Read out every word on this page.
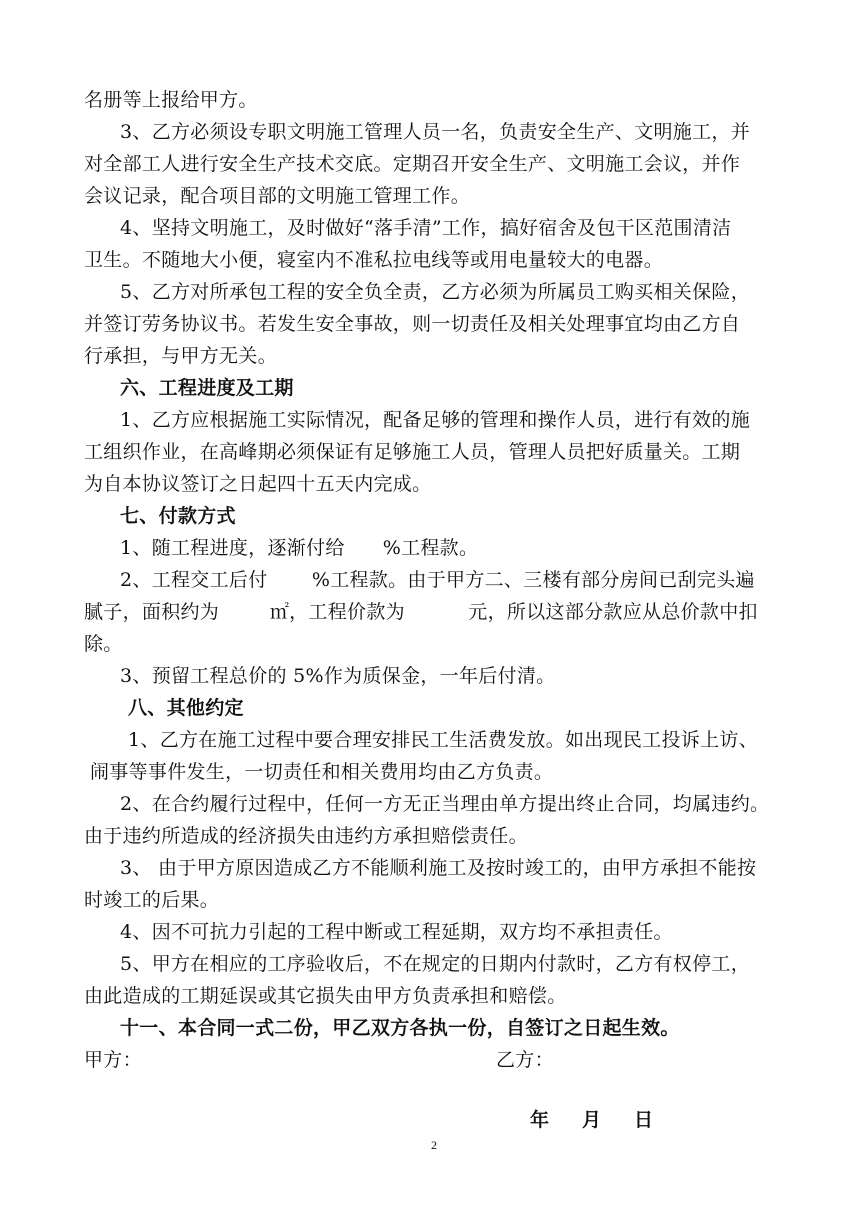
名册等上报给甲方。
3、乙方必须设专职文明施工管理人员一名，负责安全生产、文明施工，并
对全部工人进行安全生产技术交底。定期召开安全生产、文明施工会议，并作
会议记录，配合项目部的文明施工管理工作。
4、坚持文明施工，及时做好“落手清”工作，搞好宿舍及包干区范围清洁
卫生。不随地大小便，寝室内不准私拉电线等或用电量较大的电器。
5、乙方对所承包工程的安全负全责，乙方必须为所属员工购买相关保险，
并签订劳务协议书。若发生安全事故，则一切责任及相关处理事宜均由乙方自
行承担，与甲方无关。
六、工程进度及工期
1、乙方应根据施工实际情况，配备足够的管理和操作人员，进行有效的施
工组织作业，在高峰期必须保证有足够施工人员，管理人员把好质量关。工期
为自本协议签订之日起四十五天内完成。
七、付款方式
1、随工程进度，逐渐付给      %工程款。
2、工程交工后付       %工程款。由于甲方二、三楼有部分房间已刮完头遍
腻子，面积约为        ㎡，工程价款为          元，所以这部分款应从总价款中扣
除。
3、预留工程总价的 5%作为质保金，一年后付清。
八、其他约定
1、乙方在施工过程中要合理安排民工生活费发放。如出现民工投诉上访、
闹事等事件发生，一切责任和相关费用均由乙方负责。
2、在合约履行过程中，任何一方无正当理由单方提出终止合同，均属违约。
由于违约所造成的经济损失由违约方承担赔偿责任。
3、 由于甲方原因造成乙方不能顺利施工及按时竣工的，由甲方承担不能按
时竣工的后果。
4、因不可抗力引起的工程中断或工程延期，双方均不承担责任。
5、甲方在相应的工序验收后，不在规定的日期内付款时，乙方有权停工，
由此造成的工期延误或其它损失由甲方负责承担和赔偿。
十一、本合同一式二份，甲乙双方各执一份，自签订之日起生效。
甲方：	乙方：
年	月	日
2
